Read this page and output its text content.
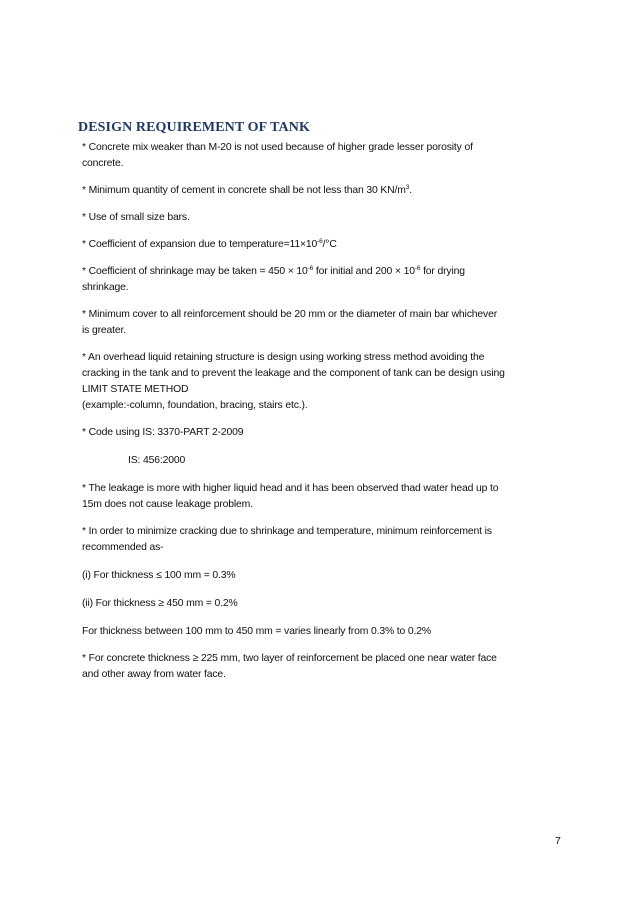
DESIGN REQUIREMENT OF TANK
* Concrete mix weaker than M-20 is not used because of higher grade lesser porosity of
concrete.
* Minimum quantity of cement in concrete shall be not less than 30 $KN/m^3$.
* Use of small size bars.
* Coefficient of expansion due to $temperature=11\times 10^{-6}/^\circ C$
* Coefficient of shrinkage may be taken = $450 \times 10^{-6}$ for initial and $200 \times 10^{-6}$ for drying
shrinkage.
* Minimum cover to all reinforcement should be 20 mm or the diameter of main bar whichever
is greater.
* An overhead liquid retaining structure is design using working stress method avoiding the
cracking in the tank and to prevent the leakage and the component of tank can be design using
LIMIT STATE METHOD
(example:-column, foundation, bracing, stairs etc.).
* Code using IS: 3370-PART 2-2009
IS: 456:2000
* The leakage is more with higher liquid head and it has been observed thad water head up to
15m does not cause leakage problem.
* In order to minimize cracking due to shrinkage and temperature, minimum reinforcement is
recommended as-
(i) For thickness ≤ 100 mm = 0.3%
(ii) For thickness ≥ 450 mm = 0.2%
For thickness between 100 mm to 450 mm = varies linearly from 0.3% to 0.2%
* For concrete thickness ≥ 225 mm, two layer of reinforcement be placed one near water face
and other away from water face.
7
